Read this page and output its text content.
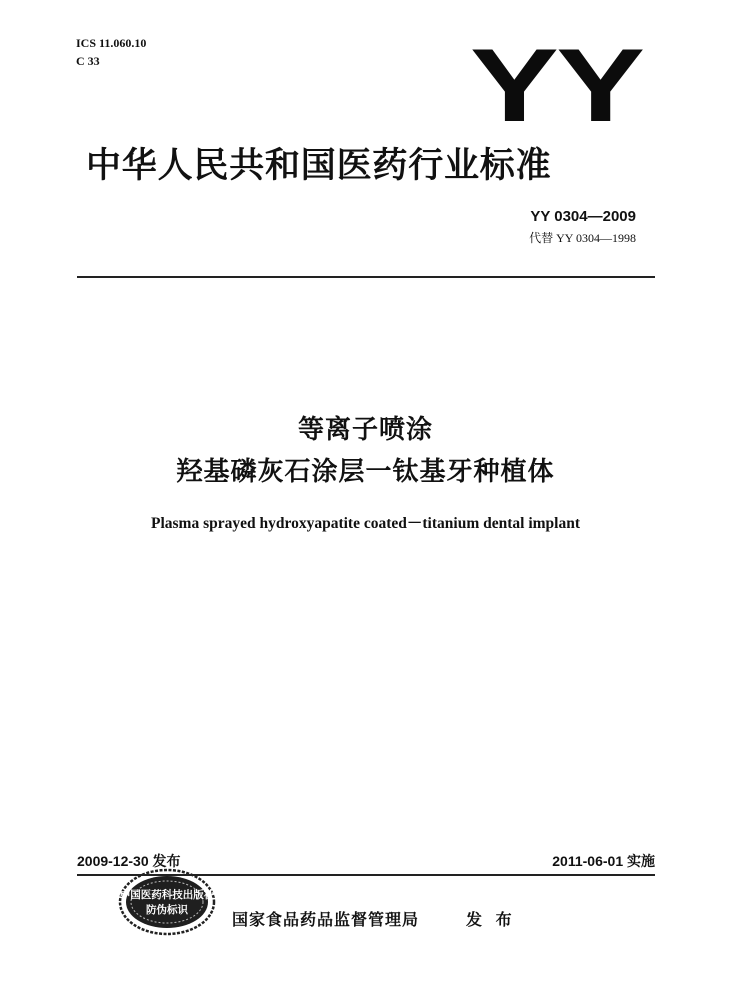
ICS 11.060.10
C 33	YY
中华人民共和国医药行业标准
YY 0304—2009
代替 YY 0304—1998
等离子喷涂
羟基磷灰石涂层一钛基牙种植体
Plasma sprayed hydroxyapatite coated－titanium dental implant
2009-12-30 发布	2011-06-01 实施
中国医药科技出版社
防伪标识	国家食品药品监督管理局	发 布
